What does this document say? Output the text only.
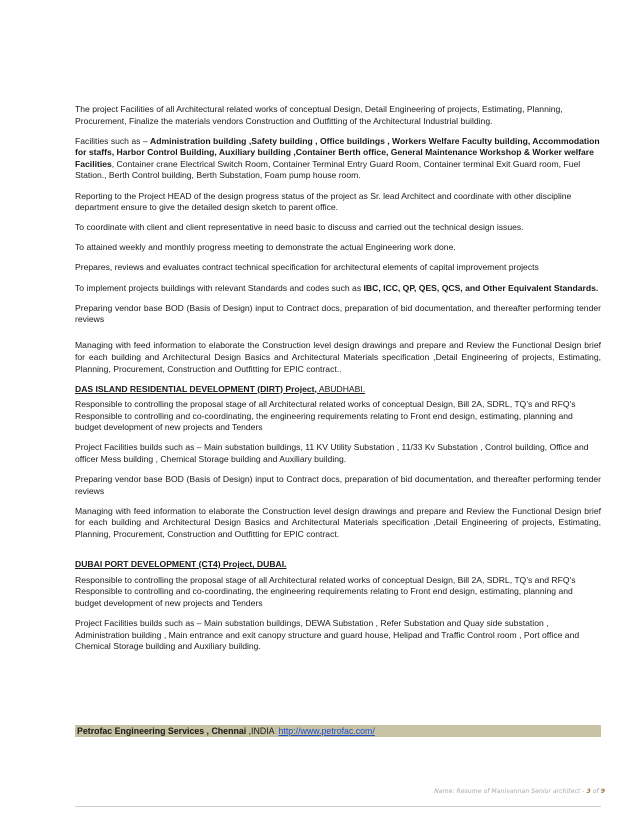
The project Facilities of all Architectural related works of conceptual Design, Detail Engineering of projects, Estimating, Planning, Procurement, Finalize the materials vendors Construction and Outfitting of the Architectural Industrial building.

Facilities such as – Administration building ,Safety building , Office buildings , Workers Welfare Faculty building, Accommodation for staffs, Harbor Control Building, Auxiliary building ,Container Berth office, General Maintenance Workshop & Worker welfare Facilities, Container crane Electrical Switch Room, Container Terminal Entry Guard Room, Container terminal Exit Guard room, Fuel Station., Berth Control building, Berth Substation, Foam pump house room.

Reporting to the Project HEAD of the design progress status of the project as Sr. lead Architect and coordinate with other discipline department ensure to give the detailed design sketch to parent office.

To coordinate with client and client representative in need basic to discuss and carried out the technical design issues.

To attained weekly and monthly progress meeting to demonstrate the actual Engineering work done.

Prepares, reviews and evaluates contract technical specification for architectural elements of capital improvement projects

To implement projects buildings with relevant Standards and codes such as IBC, ICC, QP, QES, QCS, and Other Equivalent Standards.

Preparing vendor base BOD (Basis of Design) input to Contract docs, preparation of bid documentation, and thereafter performing tender reviews

Managing with feed information to elaborate the Construction level design drawings and prepare and Review the Functional Design brief for each building and Architectural Design Basics and Architectural Materials specification ,Detail Engineering of projects, Estimating, Planning, Procurement, Construction and Outfitting for EPIC contract..

DAS ISLAND RESIDENTIAL DEVELOPMENT (DIRT) Project, ABUDHABI.

Responsible to controlling the proposal stage of all Architectural related works of conceptual Design, Bill 2A, SDRL, TQ’s and RFQ’s Responsible to controlling and co-coordinating, the engineering requirements relating to Front end design, estimating, planning and budget development of new projects and Tenders

Project Facilities builds such as – Main substation buildings, 11 KV Utility Substation , 11/33 Kv Substation , Control building, Office and officer Mess building , Chemical Storage building and Auxiliary building.

Preparing vendor base BOD (Basis of Design) input to Contract docs, preparation of bid documentation, and thereafter performing tender reviews

Managing with feed information to elaborate the Construction level design drawings and prepare and Review the Functional Design brief for each building and Architectural Design Basics and Architectural Materials specification ,Detail Engineering of projects, Estimating, Planning, Procurement, Construction and Outfitting for EPIC contract.

DUBAI PORT DEVELOPMENT (CT4) Project, DUBAI.

Responsible to controlling the proposal stage of all Architectural related works of conceptual Design, Bill 2A, SDRL, TQ’s and RFQ’s Responsible to controlling and co-coordinating, the engineering requirements relating to Front end design, estimating, planning and budget development of new projects and Tenders

Project Facilities builds such as – Main substation buildings, DEWA Substation , Refer Substation and Quay side substation , Administration building , Main entrance and exit canopy structure and guard house, Helipad and Traffic Control room , Port office and Chemical Storage building and Auxiliary building.

Petrofac Engineering Services , Chennai ,INDIA http://www.petrofac.com/
Name: Resume of Manivannan Senior architect - 3 of 9
